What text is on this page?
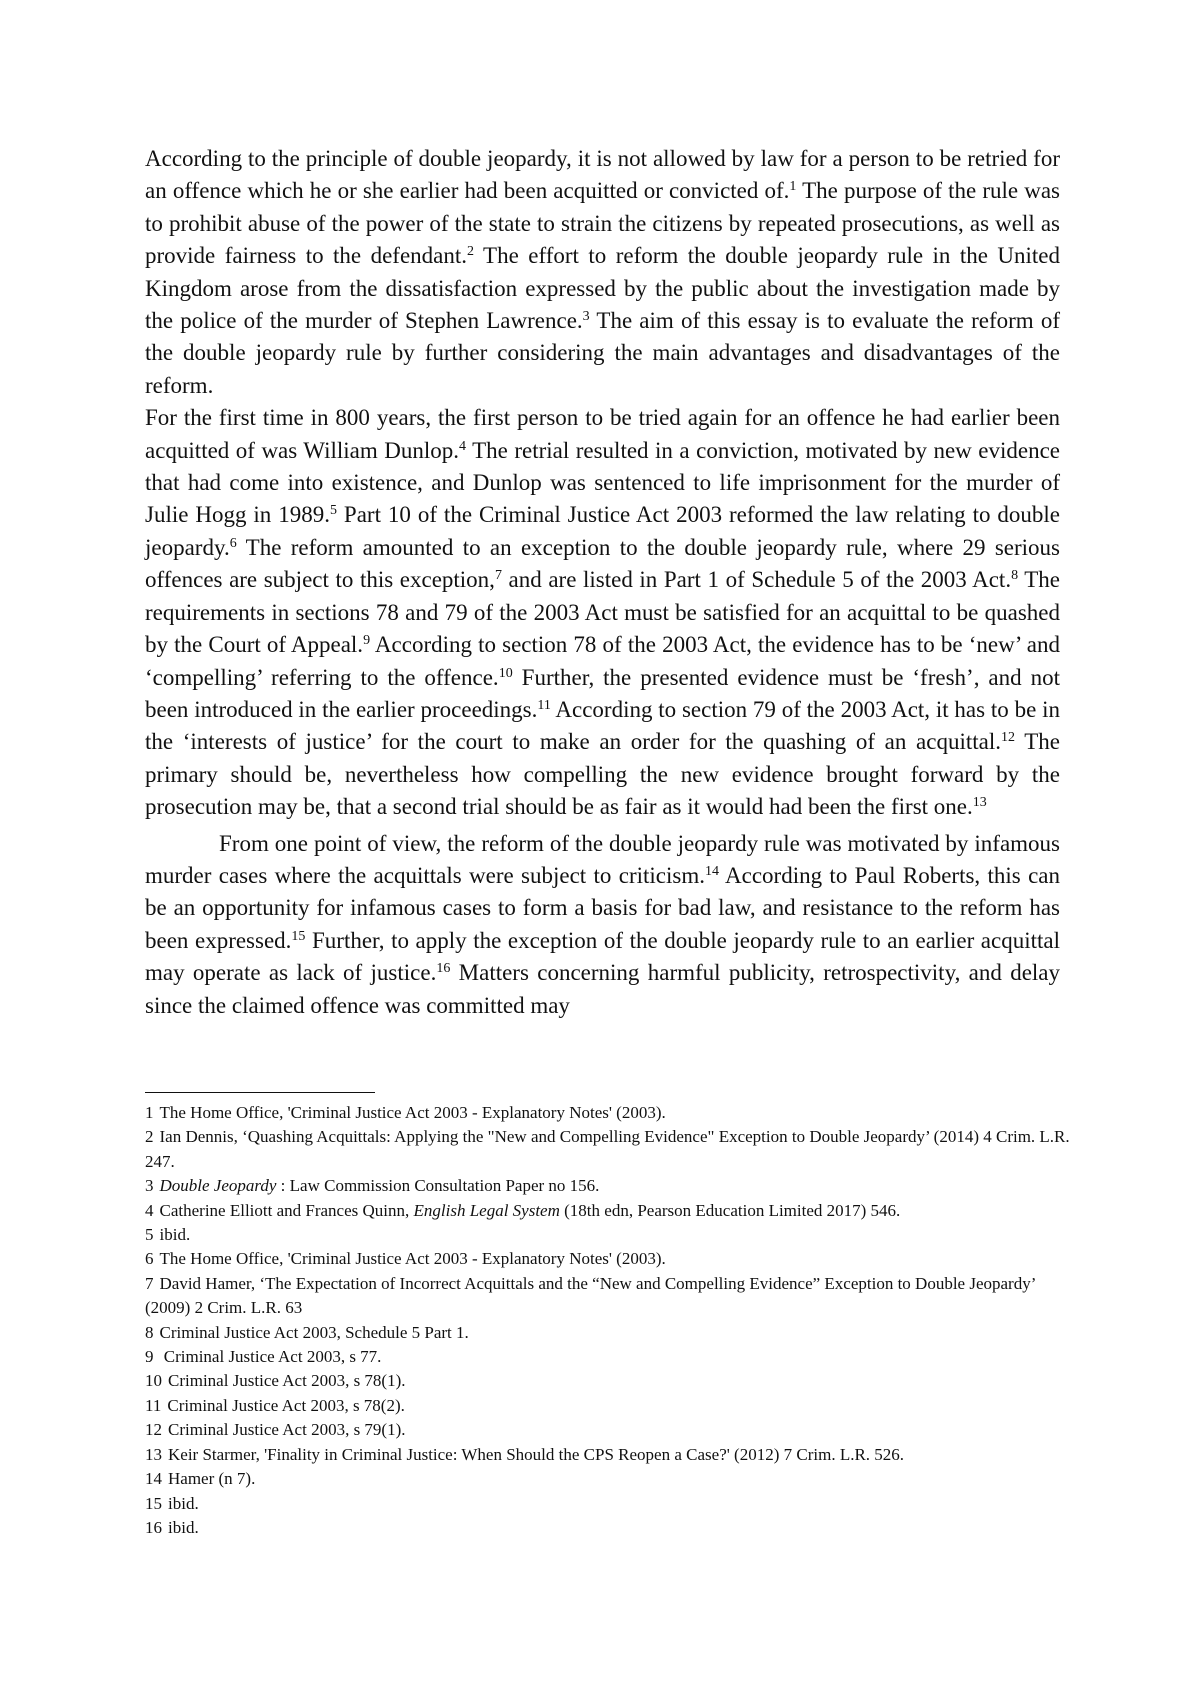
According to the principle of double jeopardy, it is not allowed by law for a person to be retried for an offence which he or she earlier had been acquitted or convicted of.$^1$ The purpose of the rule was to prohibit abuse of the power of the state to strain the citizens by repeated prosecutions, as well as provide fairness to the defendant.$^2$ The effort to reform the double jeopardy rule in the United Kingdom arose from the dissatisfaction expressed by the public about the investigation made by the police of the murder of Stephen Lawrence.$^3$ The aim of this essay is to evaluate the reform of the double jeopardy rule by further considering the main advantages and disadvantages of the reform.

For the first time in 800 years, the first person to be tried again for an offence he had earlier been acquitted of was William Dunlop.$^4$ The retrial resulted in a conviction, motivated by new evidence that had come into existence, and Dunlop was sentenced to life imprisonment for the murder of Julie Hogg in 1989.$^5$ Part 10 of the Criminal Justice Act 2003 reformed the law relating to double jeopardy.$^6$ The reform amounted to an exception to the double jeopardy rule, where 29 serious offences are subject to this exception,$^7$ and are listed in Part 1 of Schedule 5 of the 2003 Act.$^8$ The requirements in sections 78 and 79 of the 2003 Act must be satisfied for an acquittal to be quashed by the Court of Appeal.$^9$ According to section 78 of the 2003 Act, the evidence has to be ‘new’ and ‘compelling’ referring to the offence.$^{10}$ Further, the presented evidence must be ‘fresh’, and not been introduced in the earlier proceedings.$^{11}$ According to section 79 of the 2003 Act, it has to be in the ‘interests of justice’ for the court to make an order for the quashing of an acquittal.$^{12}$ The primary should be, nevertheless how compelling the new evidence brought forward by the prosecution may be, that a second trial should be as fair as it would had been the first one.$^{13}$

From one point of view, the reform of the double jeopardy rule was motivated by infamous murder cases where the acquittals were subject to criticism.$^{14}$ According to Paul Roberts, this can be an opportunity for infamous cases to form a basis for bad law, and resistance to the reform has been expressed.$^{15}$ Further, to apply the exception of the double jeopardy rule to an earlier acquittal may operate as lack of justice.$^{16}$ Matters concerning harmful publicity, retrospectivity, and delay since the claimed offence was committed may

1 The Home Office, 'Criminal Justice Act 2003 - Explanatory Notes' (2003).

2 Ian Dennis, ‘Quashing Acquittals: Applying the "New and Compelling Evidence" Exception to Double Jeopardy’ (2014) 4 Crim. L.R. 247.

3 Double Jeopardy : Law Commission Consultation Paper no 156.

4 Catherine Elliott and Frances Quinn, English Legal System (18th edn, Pearson Education Limited 2017) 546.

5 ibid.

6 The Home Office, 'Criminal Justice Act 2003 - Explanatory Notes' (2003).

7 David Hamer, ‘The Expectation of Incorrect Acquittals and the “New and Compelling Evidence” Exception to Double Jeopardy’ (2009) 2 Crim. L.R. 63

8 Criminal Justice Act 2003, Schedule 5 Part 1.

9 Criminal Justice Act 2003, s 77.

10 Criminal Justice Act 2003, s 78(1).

11 Criminal Justice Act 2003, s 78(2).

12 Criminal Justice Act 2003, s 79(1).

13 Keir Starmer, 'Finality in Criminal Justice: When Should the CPS Reopen a Case?' (2012) 7 Crim. L.R. 526.

14 Hamer (n 7).

15 ibid.

16 ibid.
